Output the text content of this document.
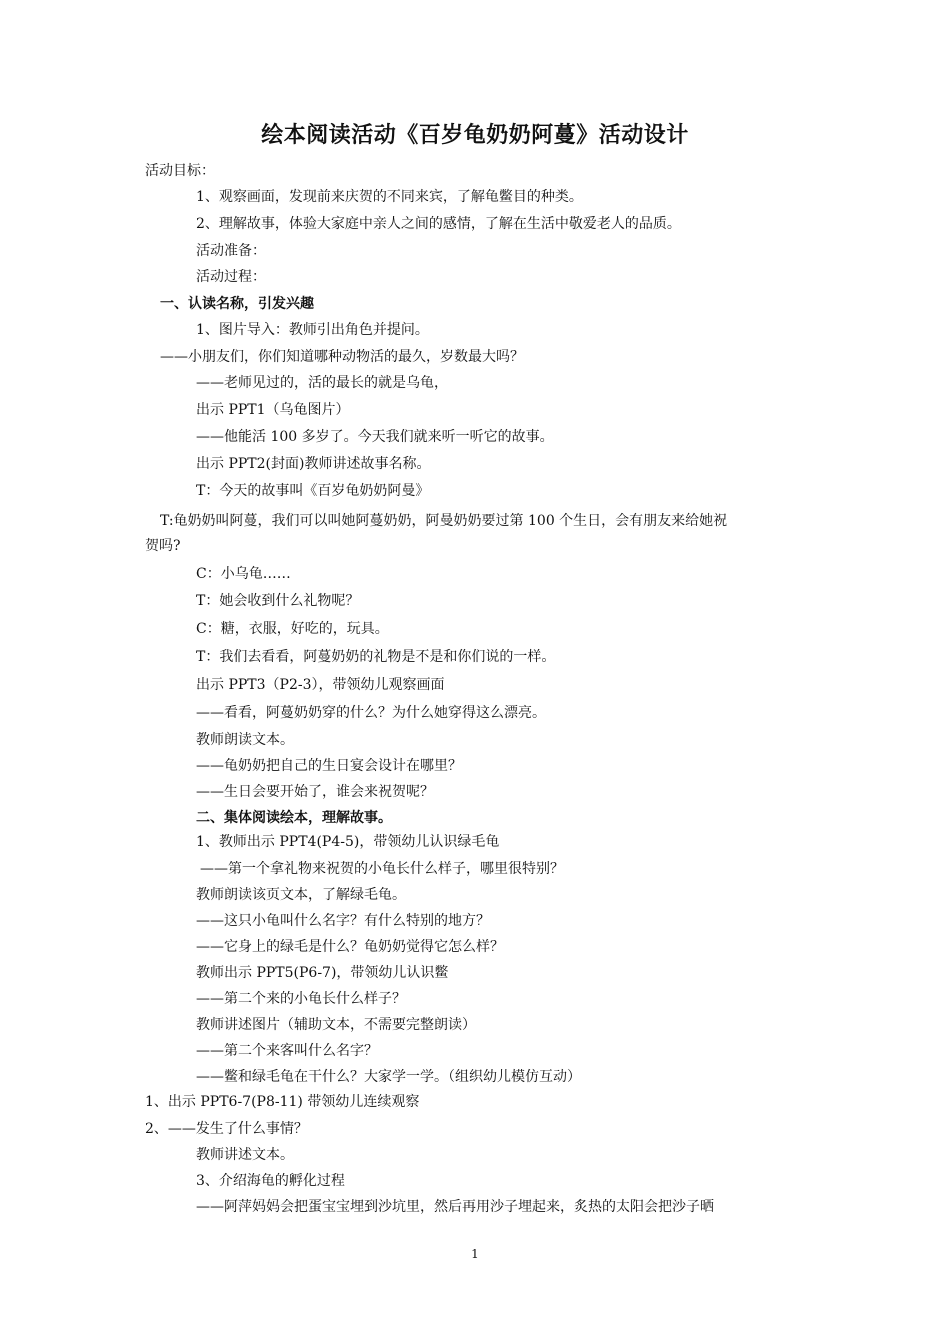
绘本阅读活动《百岁龟奶奶阿蔓》活动设计
活动目标：
1、观察画面，发现前来庆贺的不同来宾，了解龟鳖目的种类。
2、理解故事，体验大家庭中亲人之间的感情，了解在生活中敬爱老人的品质。
活动准备：
活动过程：
一、认读名称，引发兴趣
1、图片导入：教师引出角色并提问。
——小朋友们，你们知道哪种动物活的最久，岁数最大吗？
——老师见过的，活的最长的就是乌龟，
出示 PPT1（乌龟图片）
——他能活 100 多岁了。今天我们就来听一听它的故事。
出示 PPT2(封面)教师讲述故事名称。
T：今天的故事叫《百岁龟奶奶阿曼》
T:龟奶奶叫阿蔓，我们可以叫她阿蔓奶奶，阿曼奶奶要过第 100 个生日，会有朋友来给她祝
贺吗?
C：小乌龟……
T：她会收到什么礼物呢？
C：糖，衣服，好吃的，玩具。
T：我们去看看，阿蔓奶奶的礼物是不是和你们说的一样。
出示 PPT3（P2-3），带领幼儿观察画面
——看看，阿蔓奶奶穿的什么？为什么她穿得这么漂亮。
教师朗读文本。
——龟奶奶把自己的生日宴会设计在哪里？
——生日会要开始了，谁会来祝贺呢？
二、集体阅读绘本，理解故事。
1、教师出示 PPT4(P4-5)，带领幼儿认识绿毛龟
——第一个拿礼物来祝贺的小龟长什么样子，哪里很特别？
教师朗读该页文本，了解绿毛龟。
——这只小龟叫什么名字？有什么特别的地方？
——它身上的绿毛是什么？龟奶奶觉得它怎么样？
教师出示 PPT5(P6-7)，带领幼儿认识鳖
——第二个来的小龟长什么样子？
教师讲述图片（辅助文本，不需要完整朗读）
——第二个来客叫什么名字？
——鳖和绿毛龟在干什么？大家学一学。（组织幼儿模仿互动）
1、出示 PPT6-7(P8-11) 带领幼儿连续观察
2、——发生了什么事情？
教师讲述文本。
3、介绍海龟的孵化过程
——阿萍妈妈会把蛋宝宝埋到沙坑里，然后再用沙子埋起来，炙热的太阳会把沙子晒
1
